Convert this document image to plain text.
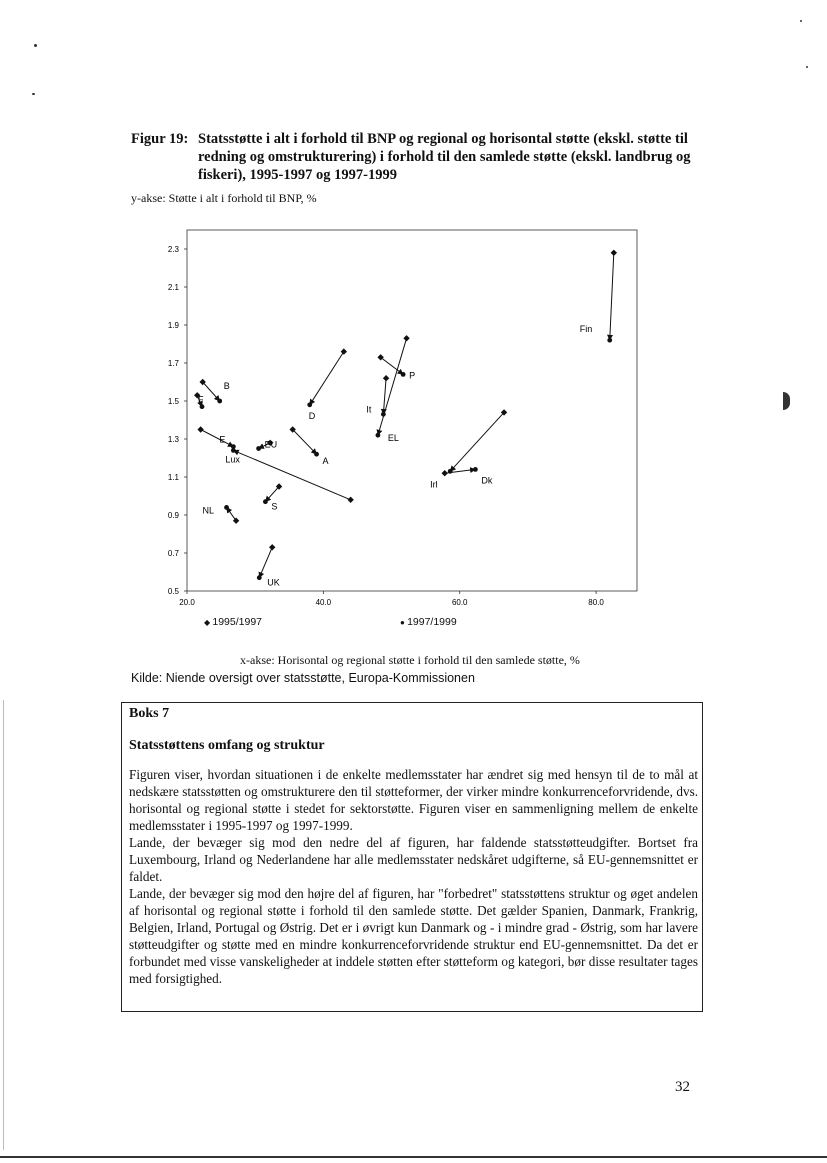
Figur 19: Statsstøtte i alt i forhold til BNP og regional og horisontal støtte (ekskl. støtte til redning og omstrukturering) i forhold til den samlede støtte (ekskl. landbrug og fiskeri), 1995-1997 og 1997-1999
y-akse: Støtte i alt i forhold til BNP, %
0.5
0.7
0.9
1.1
1.3
1.5
1.7
1.9
2.1
2.3
20.0	40.0	60.0	80.0
Fin
B
F
Lux
E
EU
D
A
P
It
EL
Irl	Dk
S
NL
UK
◆ 1995/1997	● 1997/1999
x-akse: Horisontal og regional støtte i forhold til den samlede støtte, %
Kilde: Niende oversigt over statsstøtte, Europa-Kommissionen
Boks 7
Statsstøttens omfang og struktur

Figuren viser, hvordan situationen i de enkelte medlemsstater har ændret sig med hensyn til de to mål at nedskære statsstøtten og omstrukturere den til støtteformer, der virker mindre konkurrenceforvridende, dvs. horisontal og regional støtte i stedet for sektorstøtte. Figuren viser en sammenligning mellem de enkelte medlemsstater i 1995-1997 og 1997-1999.

Lande, der bevæger sig mod den nedre del af figuren, har faldende statsstøtteudgifter. Bortset fra Luxembourg, Irland og Nederlandene har alle medlemsstater nedskåret udgifterne, så EU-gennemsnittet er faldet.

Lande, der bevæger sig mod den højre del af figuren, har "forbedret" statsstøttens struktur og øget andelen af horisontal og regional støtte i forhold til den samlede støtte. Det gælder Spanien, Danmark, Frankrig, Belgien, Irland, Portugal og Østrig. Det er i øvrigt kun Danmark og - i mindre grad - Østrig, som har lavere støtteudgifter og støtte med en mindre konkurrenceforvridende struktur end EU-gennemsnittet. Da det er forbundet med visse vanskeligheder at inddele støtten efter støtteform og kategori, bør disse resultater tages med forsigtighed.

32
